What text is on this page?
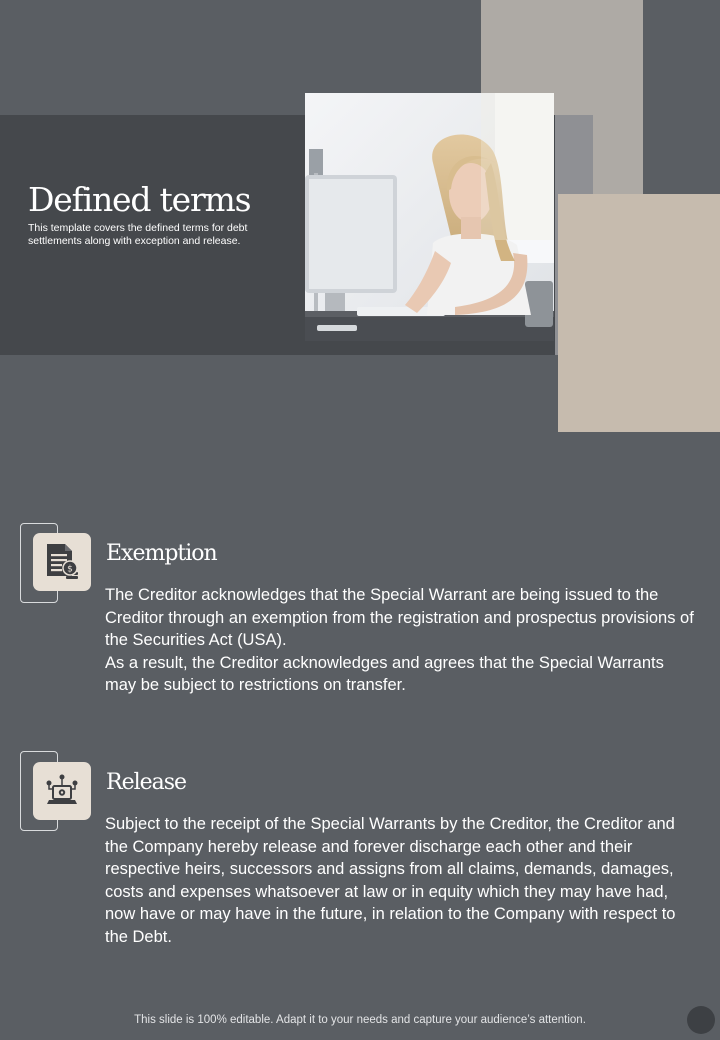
Defined terms

This template covers the defined terms for debt settlements along with exception and release.

$
Exemption
The Creditor acknowledges that the Special Warrant are being issued to the Creditor through an exemption from the registration and prospectus provisions of the Securities Act (USA).
As a result, the Creditor acknowledges and agrees that the Special Warrants may be subject to restrictions on transfer.
Release
Subject to the receipt of the Special Warrants by the Creditor, the Creditor and the Company hereby release and forever discharge each other and their respective heirs, successors and assigns from all claims, demands, damages, costs and expenses whatsoever at law or in equity which they may have had, now have or may have in the future, in relation to the Company with respect to the Debt.

This slide is 100% editable. Adapt it to your needs and capture your audience’s attention.
